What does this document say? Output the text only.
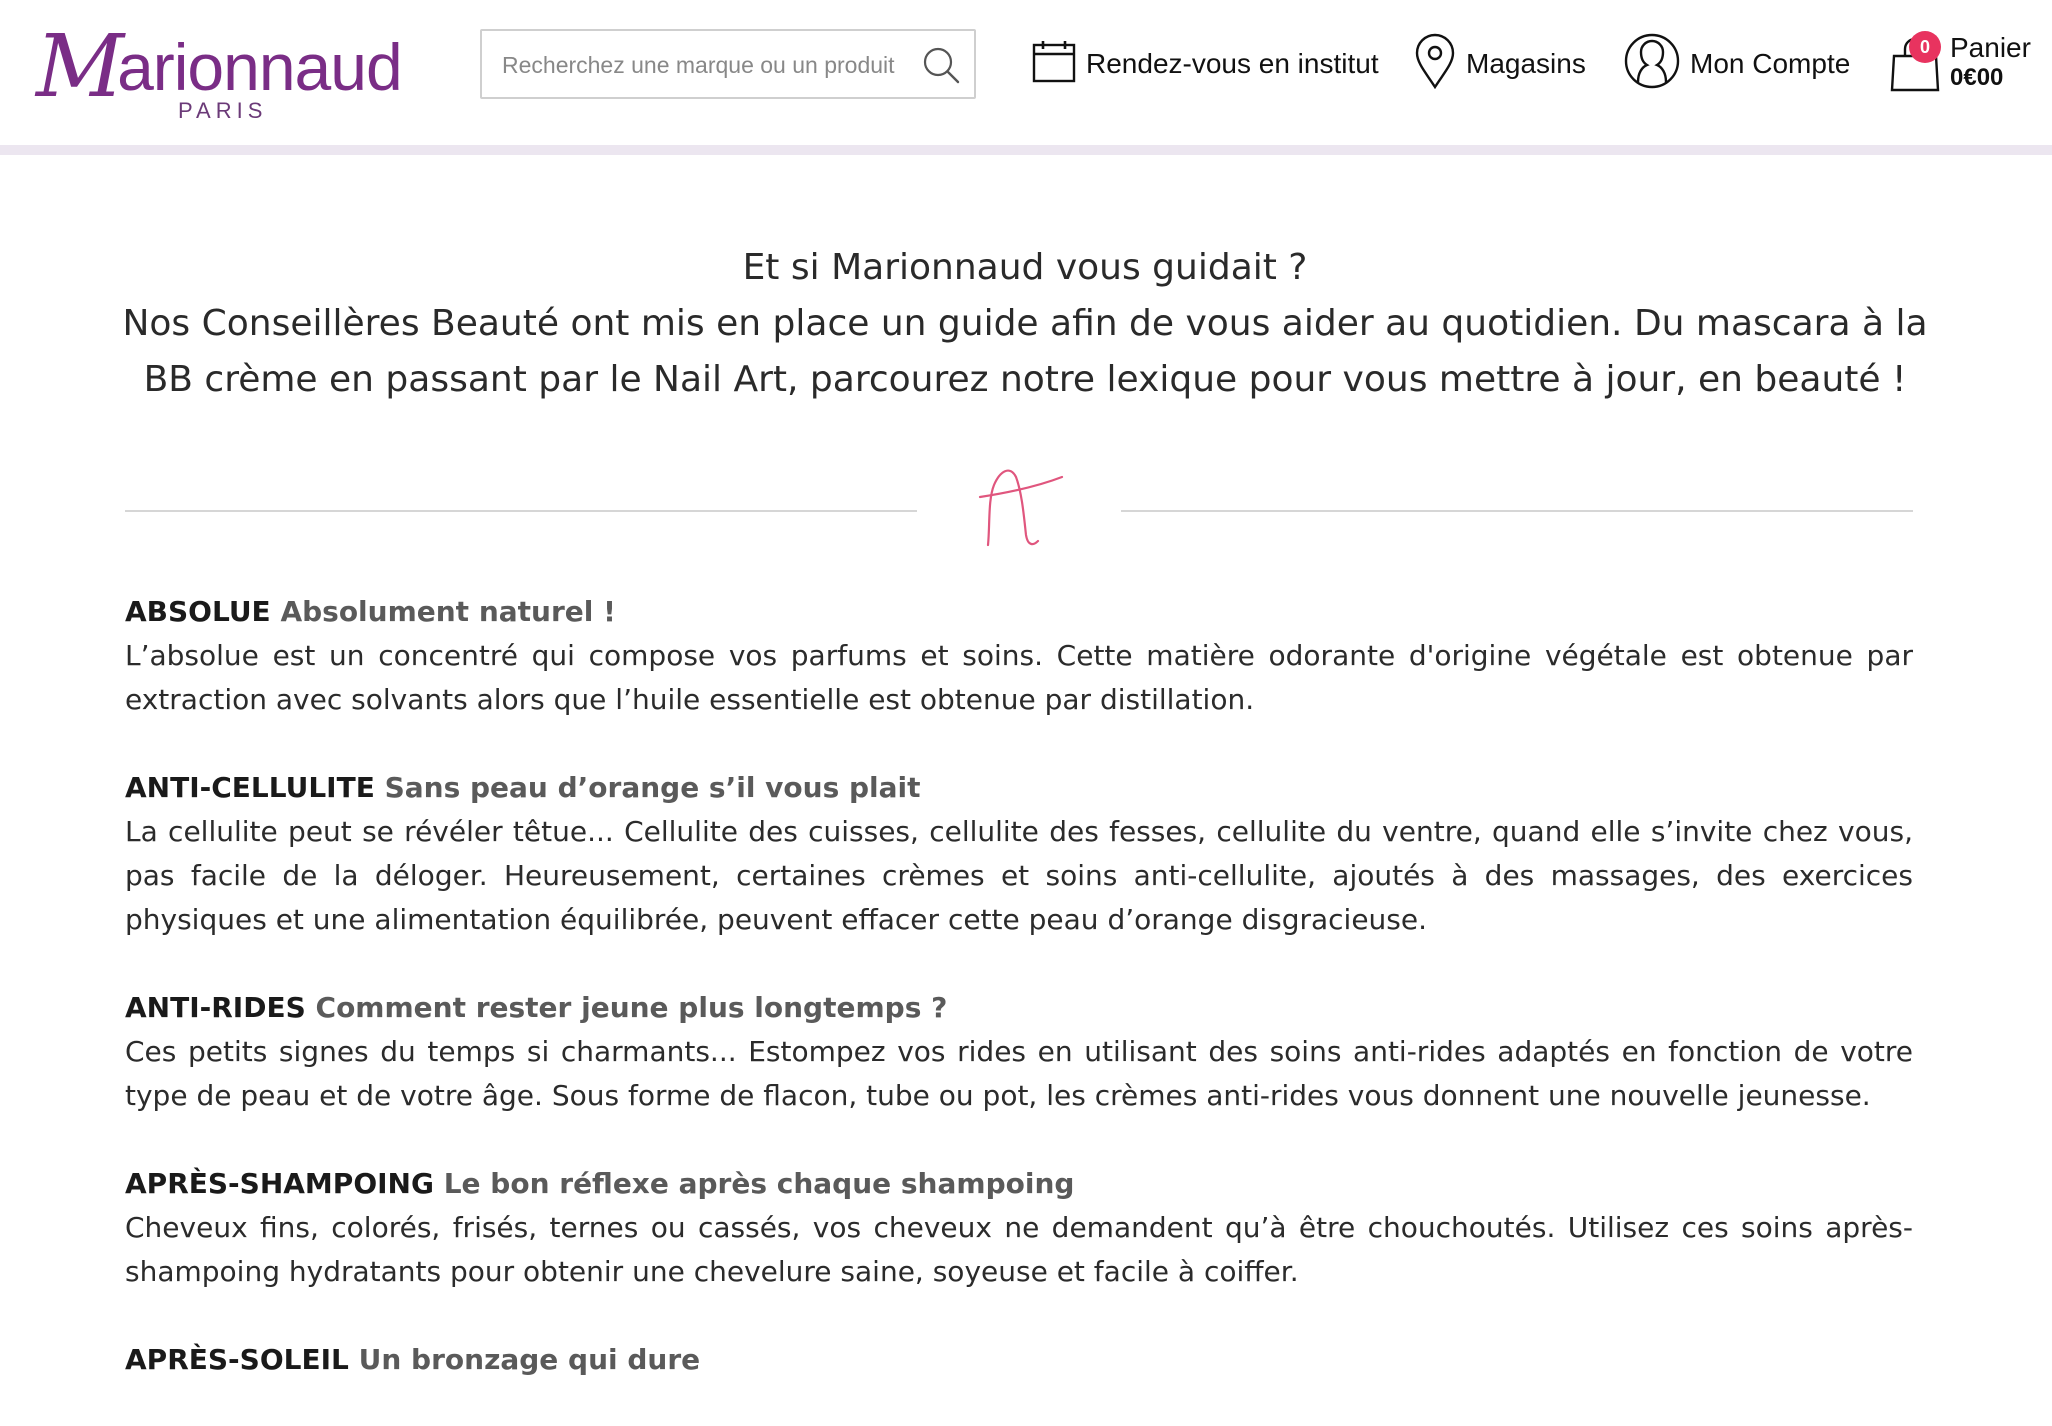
Marionnaud
PARIS
Recherchez une marque ou un produit
Rendez-vous en institut	Magasins	Mon Compte
0 Panier
0€00
Et si Marionnaud vous guidait ?
Nos Conseillères Beauté ont mis en place un guide afin de vous aider au quotidien. Du mascara à la BB crème en passant par le Nail Art, parcourez notre lexique pour vous mettre à jour, en beauté !
ABSOLUE Absolument naturel !
L’absolue est un concentré qui compose vos parfums et soins. Cette matière odorante d'origine végétale est obtenue par extraction avec solvants alors que l’huile essentielle est obtenue par distillation.
ANTI-CELLULITE Sans peau d’orange s’il vous plait
La cellulite peut se révéler têtue... Cellulite des cuisses, cellulite des fesses, cellulite du ventre, quand elle s’invite chez vous, pas facile de la déloger. Heureusement, certaines crèmes et soins anti-cellulite, ajoutés à des massages, des exercices physiques et une alimentation équilibrée, peuvent effacer cette peau d’orange disgracieuse.
ANTI-RIDES Comment rester jeune plus longtemps ?
Ces petits signes du temps si charmants... Estompez vos rides en utilisant des soins anti-rides adaptés en fonction de votre type de peau et de votre âge. Sous forme de flacon, tube ou pot, les crèmes anti-rides vous donnent une nouvelle jeunesse.
APRÈS-SHAMPOING Le bon réflexe après chaque shampoing
Cheveux fins, colorés, frisés, ternes ou cassés, vos cheveux ne demandent qu’à être chouchoutés. Utilisez ces soins après-shampoing hydratants pour obtenir une chevelure saine, soyeuse et facile à coiffer.
APRÈS-SOLEIL Un bronzage qui dure
